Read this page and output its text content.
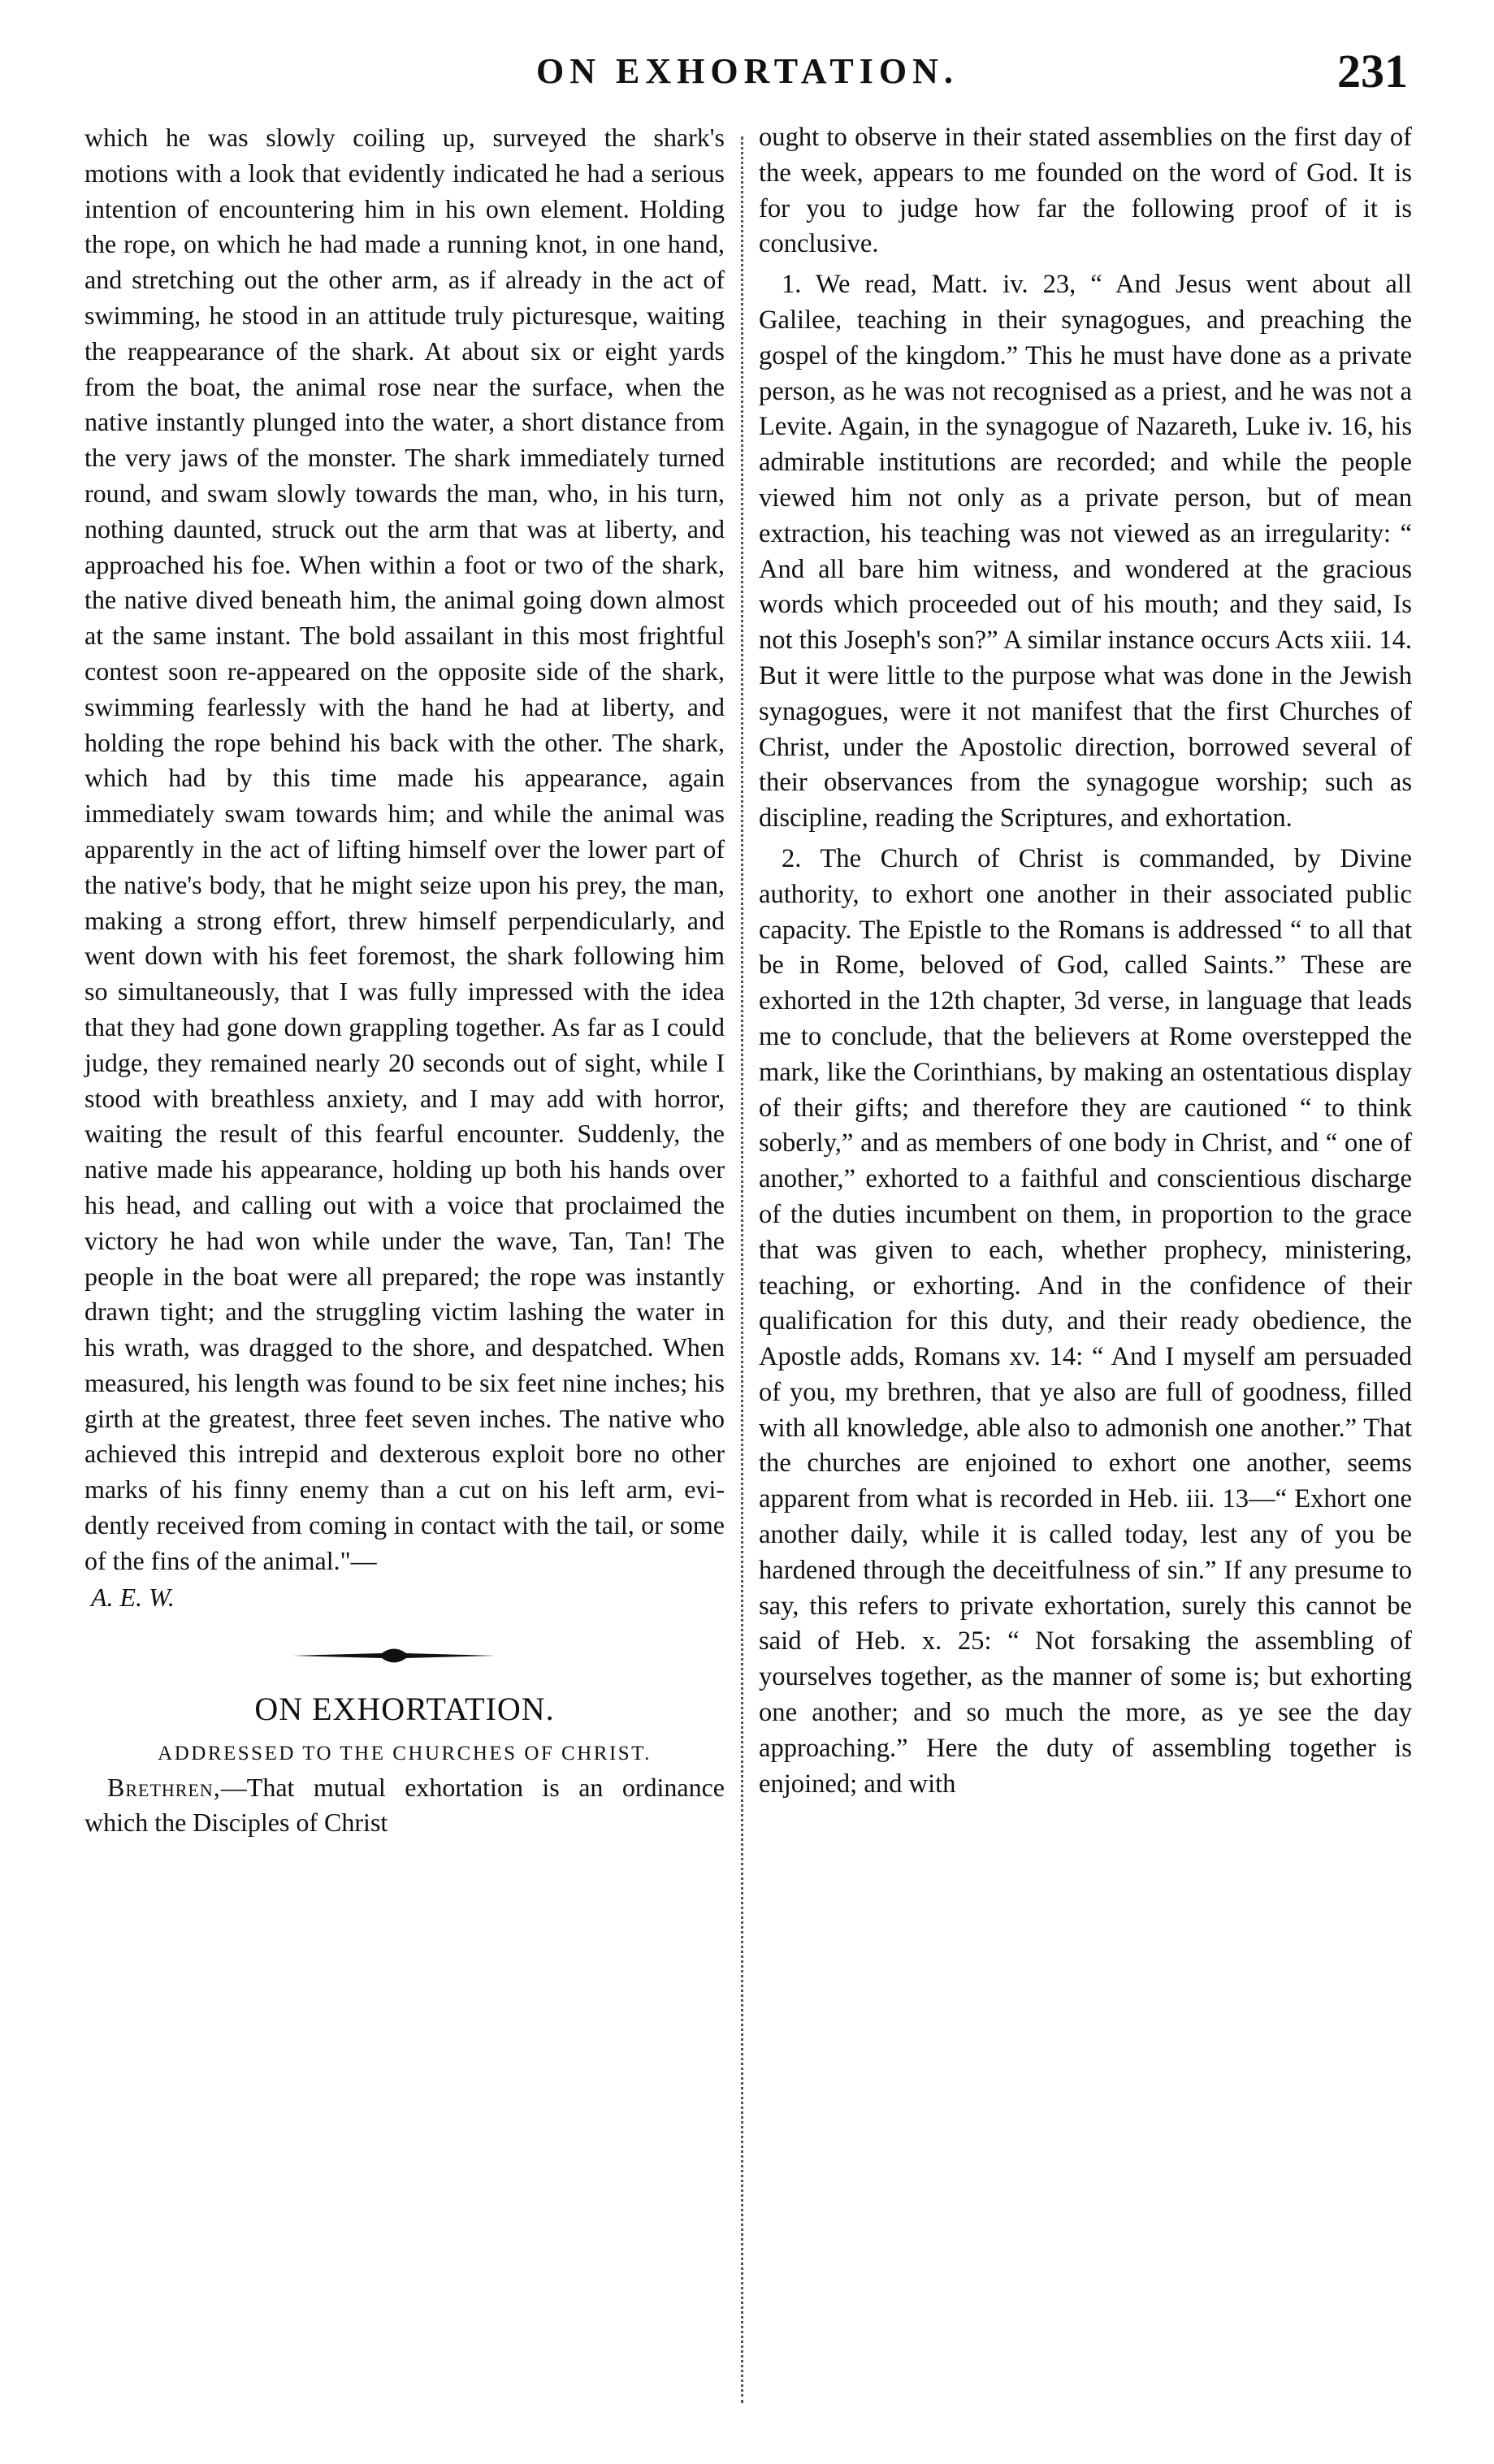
ON EXHORTATION.	231

which he was slowly coiling up, surveyed the shark's motions with a look that evidently indicated he had a serious intention of encountering him in his own element. Holding the rope, on which he had made a running knot, in one hand, and stretching out the other arm, as if already in the act of swimming, he stood in an attitude truly picturesque, waiting the reappearance of the shark. At about six or eight yards from the boat, the animal rose near the surface, when the native instantly plunged into the water, a short distance from the very jaws of the monster. The shark immediately turned round, and swam slowly towards the man, who, in his turn, nothing daunted, struck out the arm that was at liberty, and approached his foe. When within a foot or two of the shark, the native dived beneath him, the animal going down almost at the same instant. The bold assailant in this most frightful contest soon re-appeared on the opposite side of the shark, swimming fearlessly with the hand he had at liberty, and holding the rope behind his back with the other. The shark, which had by this time made his appearance, again immediately swam towards him; and while the animal was apparently in the act of lifting himself over the lower part of the native's body, that he might seize upon his prey, the man, making a strong effort, threw himself perpendicularly, and went down with his feet foremost, the shark following him so simultaneously, that I was fully impressed with the idea that they had gone down grappling together. As far as I could judge, they remained nearly 20 seconds out of sight, while I stood with breathless anxiety, and I may add with horror, waiting the result of this fearful encounter. Suddenly, the native made his appearance, holding up both his hands over his head, and calling out with a voice that proclaimed the victory he had won while under the wave, Tan, Tan! The people in the boat were all prepared; the rope was instantly drawn tight; and the struggling victim lashing the water in his wrath, was dragged to the shore, and despatched. When measured, his length was found to be six feet nine inches; his girth at the greatest, three feet seven inches. The native who achieved this intrepid and dexterous exploit bore no other marks of his finny enemy than a cut on his left arm, evidently received from coming in contact with the tail, or some of the fins of the animal."—

A. E. W.

ON EXHORTATION.
ADDRESSED TO THE CHURCHES OF CHRIST.

Brethren,—That mutual exhortation is an ordinance which the Disciples of Christ

ought to observe in their stated assemblies on the first day of the week, appears to me founded on the word of God. It is for you to judge how far the following proof of it is conclusive.

1. We read, Matt. iv. 23, “ And Jesus went about all Galilee, teaching in their synagogues, and preaching the gospel of the kingdom.” This he must have done as a private person, as he was not recognised as a priest, and he was not a Levite. Again, in the synagogue of Nazareth, Luke iv. 16, his admirable institutions are recorded; and while the people viewed him not only as a private person, but of mean extraction, his teaching was not viewed as an irregularity: “ And all bare him witness, and wondered at the gracious words which proceeded out of his mouth; and they said, Is not this Joseph's son?” A similar instance occurs Acts xiii. 14. But it were little to the purpose what was done in the Jewish synagogues, were it not manifest that the first Churches of Christ, under the Apostolic direction, borrowed several of their observances from the synagogue worship; such as discipline, reading the Scriptures, and exhortation.

2. The Church of Christ is commanded, by Divine authority, to exhort one another in their associated public capacity. The Epistle to the Romans is addressed “ to all that be in Rome, beloved of God, called Saints.” These are exhorted in the 12th chapter, 3d verse, in language that leads me to conclude, that the believers at Rome overstepped the mark, like the Corinthians, by making an ostentatious display of their gifts; and therefore they are cautioned “ to think soberly,” and as members of one body in Christ, and “ one of another,” exhorted to a faithful and conscientious discharge of the duties incumbent on them, in proportion to the grace that was given to each, whether prophecy, ministering, teaching, or exhorting. And in the confidence of their qualification for this duty, and their ready obedience, the Apostle adds, Romans xv. 14: “ And I myself am persuaded of you, my brethren, that ye also are full of goodness, filled with all knowledge, able also to admonish one another.” That the churches are enjoined to exhort one another, seems apparent from what is recorded in Heb. iii. 13—“ Exhort one another daily, while it is called today, lest any of you be hardened through the deceitfulness of sin.” If any presume to say, this refers to private exhortation, surely this cannot be said of Heb. x. 25: “ Not forsaking the assembling of yourselves together, as the manner of some is; but exhorting one another; and so much the more, as ye see the day approaching.” Here the duty of assembling together is enjoined; and with
